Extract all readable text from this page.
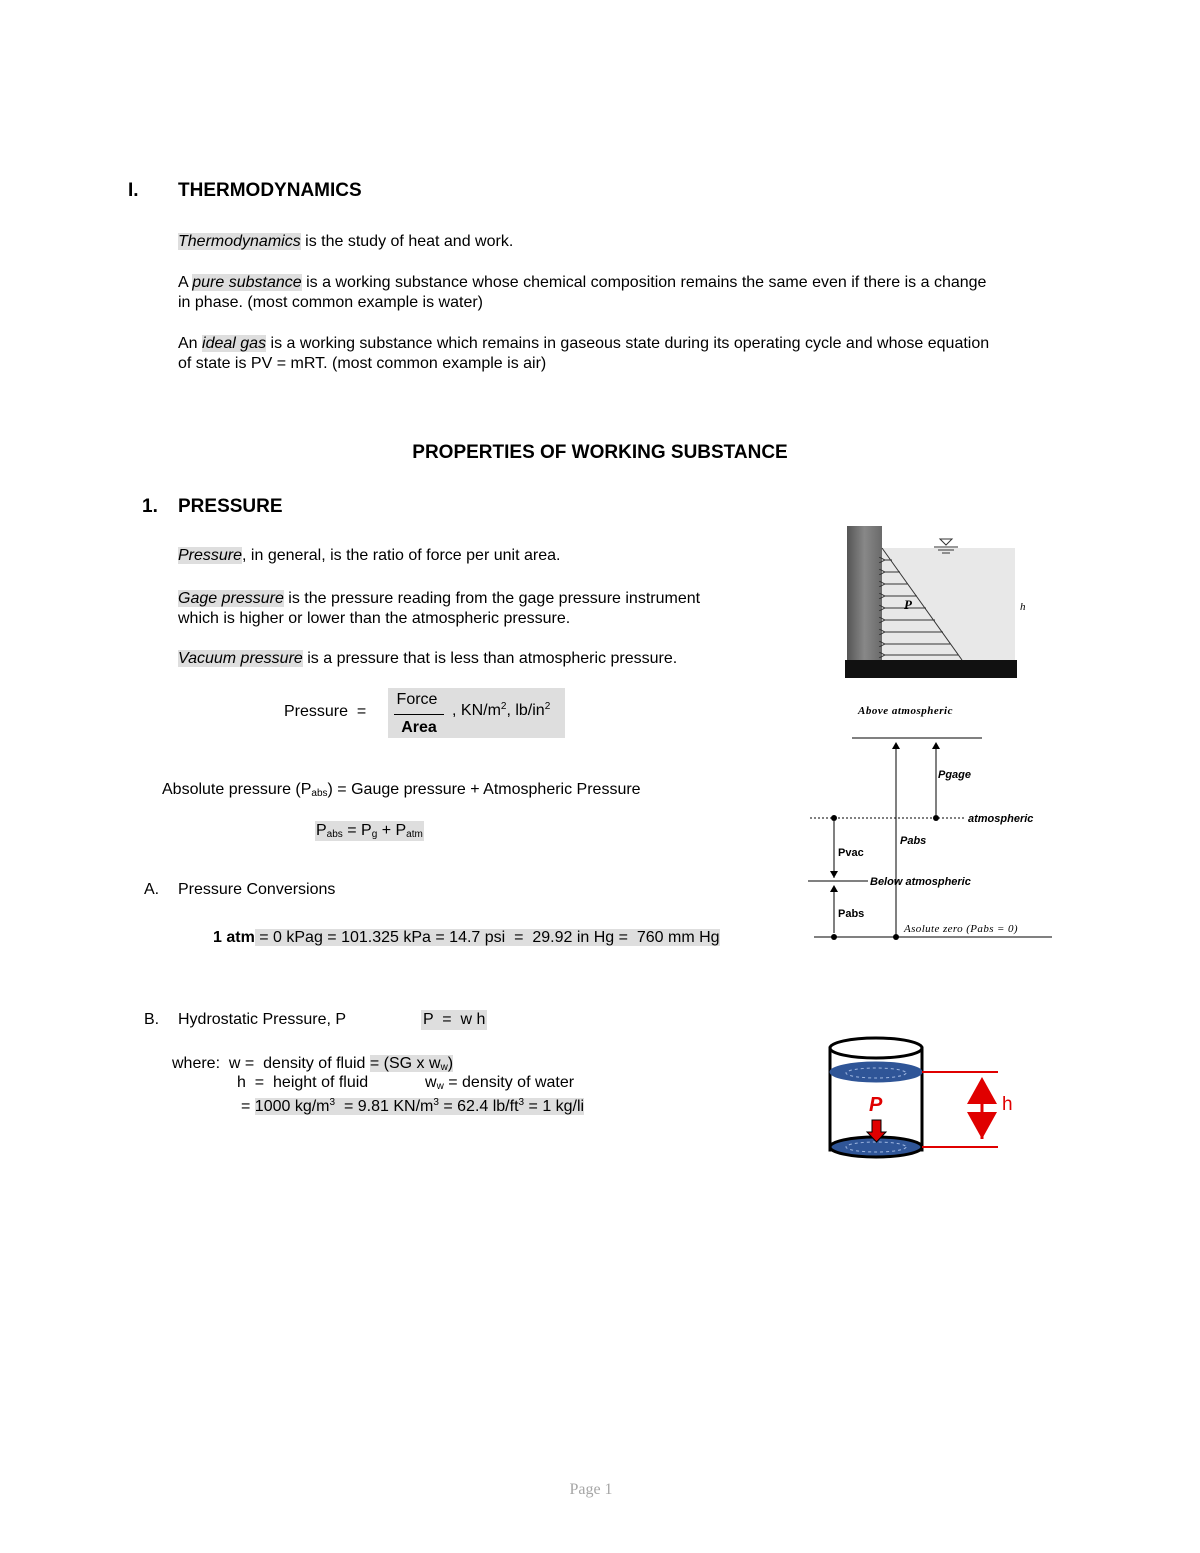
I. THERMODYNAMICS
Thermodynamics is the study of heat and work.
A pure substance is a working substance whose chemical composition remains the same even if there is a change
in phase. (most common example is water)
An ideal gas is a working substance which remains in gaseous state during its operating cycle and whose equation
of state is PV = mRT. (most common example is air)
PROPERTIES OF WORKING SUBSTANCE
1. PRESSURE
Pressure, in general, is the ratio of force per unit area.
Gage pressure is the pressure reading from the gage pressure instrument
which is higher or lower than the atmospheric pressure.
Vacuum pressure is a pressure that is less than atmospheric pressure.
Pressure  =
Force
Area
, $KN/m^2$, $lb/in^2$
Absolute pressure $(P_{abs})$ = Gauge pressure + Atmospheric Pressure
$P_{abs} = P_g + P_{atm}$
A. Pressure Conversions
1 atm = 0 kPag = 101.325 kPa = 14.7 psi  =  29.92 in Hg =  760 mm Hg
B. Hydrostatic Pressure, P	P  =  w h
where:  w =  density of fluid = (SG x $w_w$)
h  =  height of fluid	$w_w$ = density of water
= 1000 $kg/m^3 = 9.81$ $KN/m^3 = 62.4$ $lb/ft^3 = 1$ kg/li
P	h
Above atmospheric
atmospheric
Pgage
Pabs
Pvac
Below atmospheric
Pabs
Asolute zero (Pabs = 0)
P	h
Page 1
